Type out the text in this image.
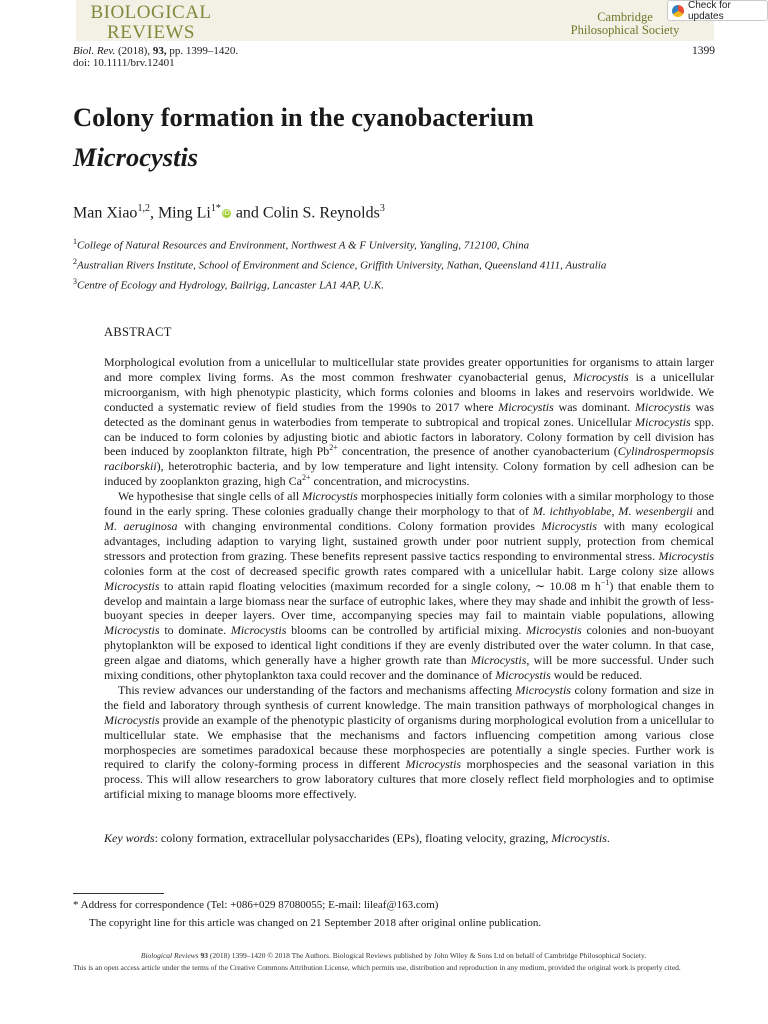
BIOLOGICAL
REVIEWS
Cambridge
Philosophical Society
Check for updates
Biol. Rev. (2018), 93, pp. 1399–1420.
doi: 10.1111/brv.12401
1399
Colony formation in the cyanobacterium
Microcystis
Man Xiao$^{1,2}$, Ming $Li^{1*}$ iD and Colin S. Reynolds$^3$
$^1$College of Natural Resources and Environment, Northwest A & F University, Yangling, 712100, China
$^2$Australian Rivers Institute, School of Environment and Science, Griffith University, Nathan, Queensland 4111, Australia
$^3$Centre of Ecology and Hydrology, Bailrigg, Lancaster LA1 4AP, U.K.
ABSTRACT

Morphological evolution from a unicellular to multicellular state provides greater opportunities for organisms to attain larger and more complex living forms. As the most common freshwater cyanobacterial genus, Microcystis is a unicellular microorganism, with high phenotypic plasticity, which forms colonies and blooms in lakes and reservoirs worldwide. We conducted a systematic review of field studies from the 1990s to 2017 where Microcystis was dominant. Microcystis was detected as the dominant genus in waterbodies from temperate to subtropical and tropical zones. Unicellular Microcystis spp. can be induced to form colonies by adjusting biotic and abiotic factors in laboratory. Colony formation by cell division has been induced by zooplankton filtrate, high $Pb^{2+}$ concentration, the presence of another cyanobacterium (Cylindrospermopsis raciborskii), heterotrophic bacteria, and by low temperature and light intensity. Colony formation by cell adhesion can be induced by zooplankton grazing, high $Ca^{2+}$ concentration, and microcystins.

We hypothesise that single cells of all Microcystis morphospecies initially form colonies with a similar morphology to those found in the early spring. These colonies gradually change their morphology to that of M. ichthyoblabe, M. wesenbergii and M. aeruginosa with changing environmental conditions. Colony formation provides Microcystis with many ecological advantages, including adaption to varying light, sustained growth under poor nutrient supply, protection from chemical stressors and protection from grazing. These benefits represent passive tactics responding to environmental stress. Microcystis colonies form at the cost of decreased specific growth rates compared with a unicellular habit. Large colony size allows Microcystis to attain rapid floating velocities (maximum recorded for a single colony, ∼ 10.08 m $h^{-1}$) that enable them to develop and maintain a large biomass near the surface of eutrophic lakes, where they may shade and inhibit the growth of less-buoyant species in deeper layers. Over time, accompanying species may fail to maintain viable populations, allowing Microcystis to dominate. Microcystis blooms can be controlled by artificial mixing. Microcystis colonies and non-buoyant phytoplankton will be exposed to identical light conditions if they are evenly distributed over the water column. In that case, green algae and diatoms, which generally have a higher growth rate than Microcystis, will be more successful. Under such mixing conditions, other phytoplankton taxa could recover and the dominance of Microcystis would be reduced.

This review advances our understanding of the factors and mechanisms affecting Microcystis colony formation and size in the field and laboratory through synthesis of current knowledge. The main transition pathways of morphological changes in Microcystis provide an example of the phenotypic plasticity of organisms during morphological evolution from a unicellular to multicellular state. We emphasise that the mechanisms and factors influencing competition among various close morphospecies are sometimes paradoxical because these morphospecies are potentially a single species. Further work is required to clarify the colony-forming process in different Microcystis morphospecies and the seasonal variation in this process. This will allow researchers to grow laboratory cultures that more closely reflect field morphologies and to optimise artificial mixing to manage blooms more effectively.

Key words: colony formation, extracellular polysaccharides (EPs), floating velocity, grazing, Microcystis.
* Address for correspondence (Tel: +086+029 87080055; E-mail: lileaf@163.com)
The copyright line for this article was changed on 21 September 2018 after original online publication.
Biological Reviews 93 (2018) 1399–1420 © 2018 The Authors. Biological Reviews published by John Wiley & Sons Ltd on behalf of Cambridge Philosophical Society.
This is an open access article under the terms of the Creative Commons Attribution License, which permits use, distribution and reproduction in any medium, provided the original work is properly cited.
